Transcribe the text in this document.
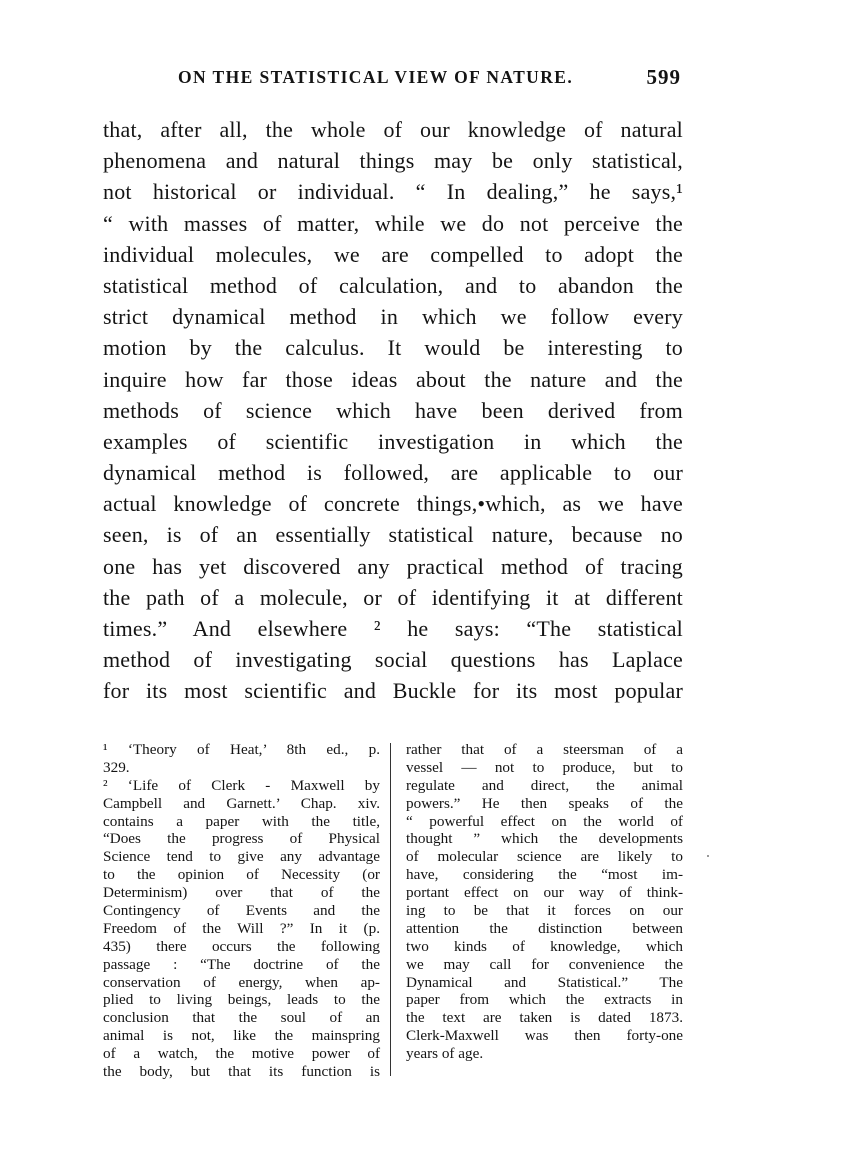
ON THE STATISTICAL VIEW OF NATURE.	599
that, after all, the whole of our knowledge of natural
phenomena and natural things may be only statistical,
not historical or individual. “ In dealing,” he says,¹
“ with masses of matter, while we do not perceive the
individual molecules, we are compelled to adopt the
statistical method of calculation, and to abandon the
strict dynamical method in which we follow every
motion by the calculus. It would be interesting to
inquire how far those ideas about the nature and the
methods of science which have been derived from
examples of scientific investigation in which the
dynamical method is followed, are applicable to our
actual knowledge of concrete things,•which, as we have
seen, is of an essentially statistical nature, because no
one has yet discovered any practical method of tracing
the path of a molecule, or of identifying it at different
times.” And elsewhere ² he says: “The statistical
method of investigating social questions has Laplace
for its most scientific and Buckle for its most popular
¹ ‘Theory of Heat,’ 8th ed., p.
329.
² ‘Life of Clerk - Maxwell by
Campbell and Garnett.’ Chap. xiv.
contains a paper with the title,
“Does the progress of Physical
Science tend to give any advantage
to the opinion of Necessity (or
Determinism) over that of the
Contingency of Events and the
Freedom of the Will ?” In it (p.
435) there occurs the following
passage : “The doctrine of the
conservation of energy, when ap-
plied to living beings, leads to the
conclusion that the soul of an
animal is not, like the mainspring
of a watch, the motive power of
the body, but that its function is
rather that of a steersman of a
vessel — not to produce, but to
regulate and direct, the animal
powers.” He then speaks of the
“ powerful effect on the world of
thought ” which the developments
of molecular science are likely to
have, considering the “most im-
portant effect on our way of think-
ing to be that it forces on our
attention the distinction between
two kinds of knowledge, which
we may call for convenience the
Dynamical and Statistical.” The
paper from which the extracts in
the text are taken is dated 1873.
Clerk-Maxwell was then forty-one
years of age.
